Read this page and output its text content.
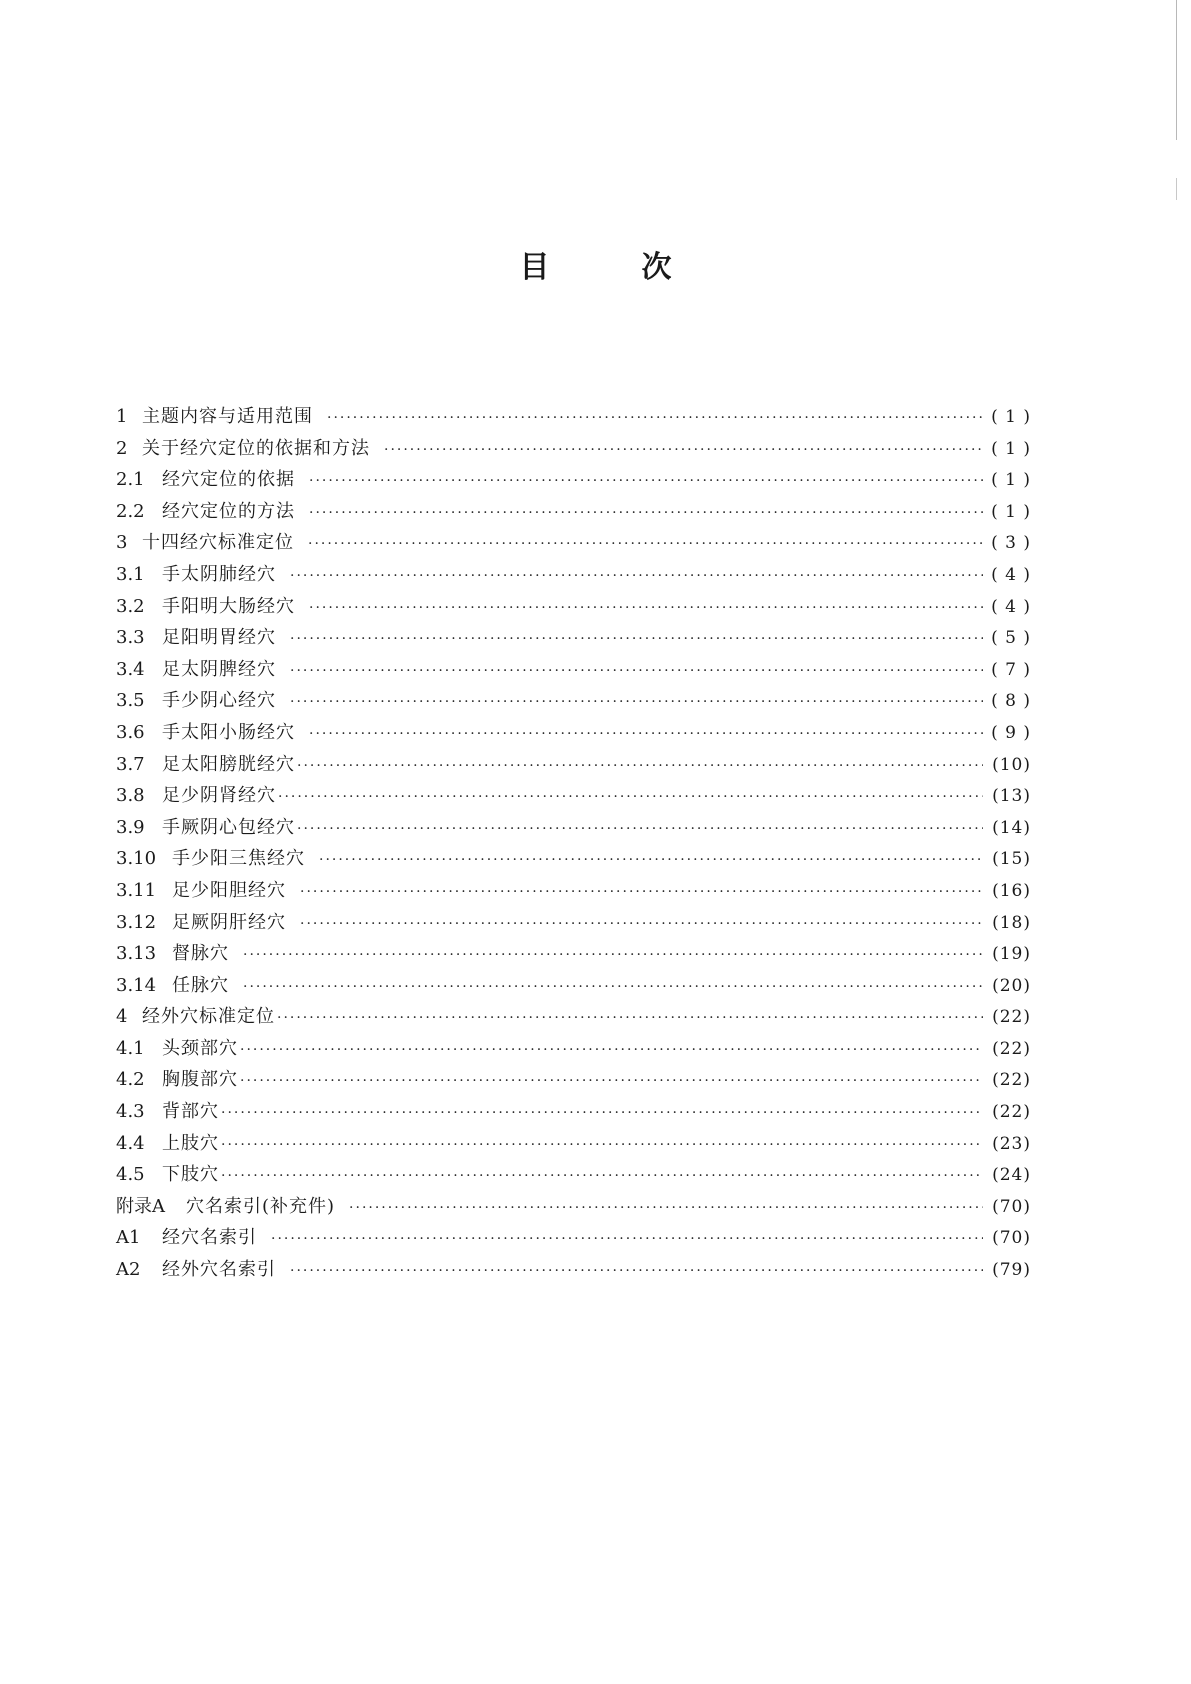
目	次
1 主题内容与适用范围 ·····	( 1 )
2 关于经穴定位的依据和方法 ·····	( 1 )
2.1 经穴定位的依据 ·····	( 1 )
2.2 经穴定位的方法 ·····	( 1 )
3 十四经穴标准定位 ·····	( 3 )
3.1 手太阴肺经穴 ·····	( 4 )
3.2 手阳明大肠经穴 ·····	( 4 )
3.3 足阳明胃经穴 ·····	( 5 )
3.4 足太阴脾经穴 ·····	( 7 )
3.5 手少阴心经穴 ·····	( 8 )
3.6 手太阳小肠经穴 ·····	( 9 )
3.7 足太阳膀胱经穴 ·····	(10)
3.8 足少阴肾经穴 ·····	(13)
3.9 手厥阴心包经穴 ·····	(14)
3.10 手少阳三焦经穴 ·····	(15)
3.11 足少阳胆经穴 ·····	(16)
3.12 足厥阴肝经穴 ·····	(18)
3.13 督脉穴 ·····	(19)
3.14 任脉穴 ·····	(20)
4 经外穴标准定位 ·····	(22)
4.1 头颈部穴 ·····	(22)
4.2 胸腹部穴 ·····	(22)
4.3 背部穴 ·····	(22)
4.4 上肢穴 ·····	(23)
4.5 下肢穴 ·····	(24)
附录A	穴名索引(补充件) ·····	(70)
A1	经穴名索引 ·····	(70)
A2	经外穴名索引 ·····	(79)
